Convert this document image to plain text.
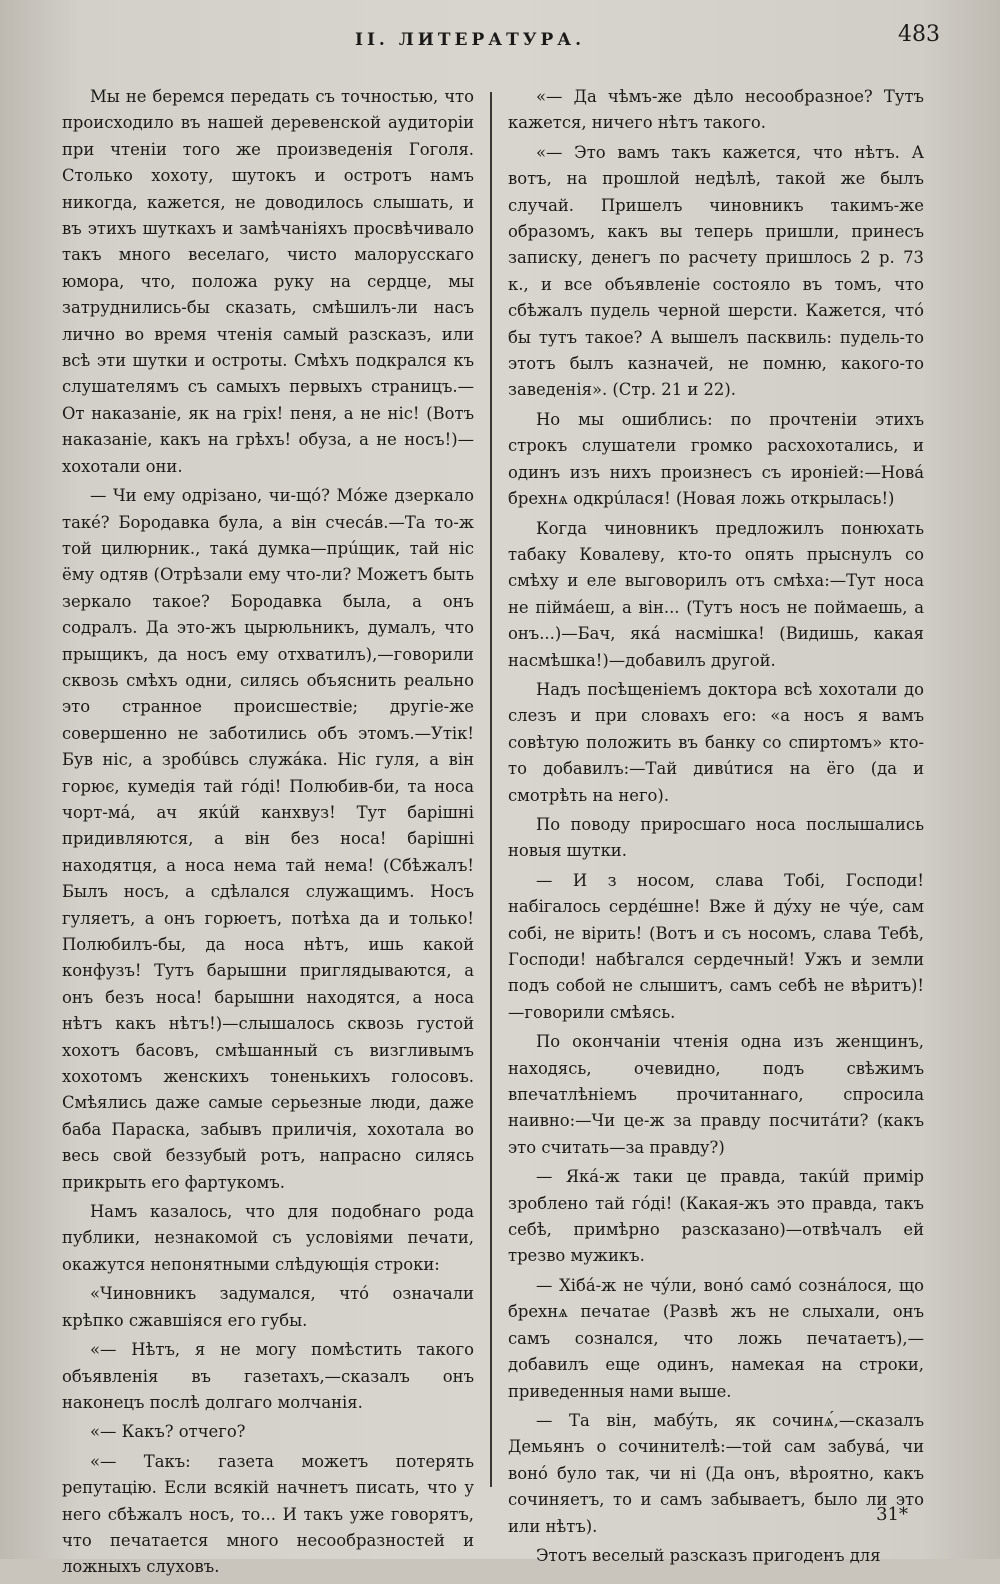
II. ЛИТЕРАТУРА.	483

Мы не беремся передать съ точностью, что происходило въ нашей деревенской аудиторіи при чтеніи того же произведенія Гоголя. Столько хохоту, шутокъ и остротъ намъ никогда, кажется, не доводилось слышать, и въ этихъ шуткахъ и замѣчаніяхъ просвѣчивало такъ много веселаго, чисто малорусскаго юмора, что, положа руку на сердце, мы затруднились-бы сказать, смѣшилъ-ли насъ лично во время чтенія самый разсказъ, или всѣ эти шутки и остроты. Смѣхъ подкрался къ слушателямъ съ самыхъ первыхъ страницъ.—От наказанiе, як на грiх! пеня, а не нiс! (Вотъ наказанiе, какъ на грѣхъ! обуза, а не носъ!)—хохотали они.

— Чи ему одрiзано, чи-щó? Мóже дзеркало такé? Бородавка була, а вiн счесáв.—Та то-ж той цилюрник., такá думка—прúщик, тай нiс ёму одтяв (Отрѣзали ему что-ли? Можетъ быть зеркало такое? Бородавка была, а онъ содралъ. Да это-жъ цырюльникъ, думалъ, что прыщикъ, да носъ ему отхватилъ),—говорили сквозь смѣхъ одни, силясь объяснить реально это странное происшествiе; другiе-же совершенно не заботились объ этомъ.—Утiк! Був нiс, а зробúвсь служáка. Нiс гуля, а вiн горює, кумедiя тай гóдi! Полюбив-би, та носа чорт-мá, ач якúй канхвуз! Тут барiшнi придивляются, а вiн без носа! барiшнi находятця, а носа нема тай нема! (Сбѣжалъ! Былъ носъ, а сдѣлался служащимъ. Носъ гуляетъ, а онъ горюетъ, потѣха да и только! Полюбилъ-бы, да носа нѣтъ, ишь какой конфузъ! Тутъ барышни приглядываются, а онъ безъ носа! барышни находятся, а носа нѣтъ какъ нѣтъ!)—слышалось сквозь густой хохотъ басовъ, смѣшанный съ визгливымъ хохотомъ женскихъ тоненькихъ голосовъ. Смѣялись даже самые серьезные люди, даже баба Параска, забывъ приличiя, хохотала во весь свой беззубый ротъ, напрасно силясь прикрыть его фартукомъ.

Намъ казалось, что для подобнаго рода публики, незнакомой съ условiями печати, окажутся непонятными слѣдующiя строки:

«Чиновникъ задумался, чтó означали крѣпко сжавшiяся его губы.

«— Нѣтъ, я не могу помѣстить такого объявленiя въ газетахъ,—сказалъ онъ наконецъ послѣ долгаго молчанiя.

«— Какъ? отчего?

«— Такъ: газета можетъ потерять репутацiю. Если всякiй начнетъ писать, что у него сбѣжалъ носъ, то... И такъ уже говорятъ, что печатается много несообразностей и ложныхъ слуховъ.

«— Да чѣмъ-же дѣло несообразное? Тутъ кажется, ничего нѣтъ такого.

«— Это вамъ такъ кажется, что нѣтъ. А вотъ, на прошлой недѣлѣ, такой же былъ случай. Пришелъ чиновникъ такимъ-же образомъ, какъ вы теперь пришли, принесъ записку, денегъ по расчету пришлось 2 р. 73 к., и все объявленiе состояло въ томъ, что сбѣжалъ пудель черной шерсти. Кажется, чтó бы тутъ такое? А вышелъ пасквиль: пудель-то этотъ былъ казначей, не помню, какого-то заведенiя». (Стр. 21 и 22).

Но мы ошиблись: по прочтенiи этихъ строкъ слушатели громко расхохотались, и одинъ изъ нихъ произнесъ съ иронiей:—Новá брехнѧ одкрúлася! (Новая ложь открылась!)

Когда чиновникъ предложилъ понюхать табаку Ковалеву, кто-то опять прыснулъ со смѣху и еле выговорилъ отъ смѣха:—Тут носа не пiймáеш, а вiн... (Тутъ носъ не поймаешь, а онъ...)—Бач, якá насмiшка! (Видишь, какая насмѣшка!)—добавилъ другой.

Надъ посѣщенiемъ доктора всѣ хохотали до слезъ и при словахъ его: «а носъ я вамъ совѣтую положить въ банку со спиртомъ» кто-то добавилъ:—Тай дивúтися на ёго (да и смотрѣть на него).

По поводу приросшаго носа послышались новыя шутки.

— И з носом, слава Тобi, Господи! набiгалось сердéшне! Вже й дýху не чýе, сам собi, не вiрить! (Вотъ и съ носомъ, слава Тебѣ, Господи! набѣгался сердечный! Ужъ и земли подъ собой не слышитъ, самъ себѣ не вѣритъ)!—говорили смѣясь.

По окончанiи чтенiя одна изъ женщинъ, находясь, очевидно, подъ свѣжимъ впечатлѣнiемъ прочитаннаго, спросила наивно:—Чи це-ж за правду посчитáти? (какъ это считать—за правду?)

— Якá-ж таки це правда, такúй примiр зроблено тай гóдi! (Какая-жъ это правда, такъ себѣ, примѣрно разсказано)—отвѣчалъ ей трезво мужикъ.

— Хiбá-ж не чýли, вонó самó сознáлося, що брехнѧ печатае (Развѣ жъ не слыхали, онъ самъ сознался, что ложь печатаетъ),—добавилъ еще одинъ, намекая на строки, приведенныя нами выше.

— Та вiн, мабýть, як сочинѧ́,—сказалъ Демьянъ о сочинителѣ:—той сам забувá, чи вонó було так, чи нi (Да онъ, вѣроятно, какъ сочиняетъ, то и самъ забываетъ, было ли это или нѣтъ).

Этотъ веселый разсказъ пригоденъ для

31*
